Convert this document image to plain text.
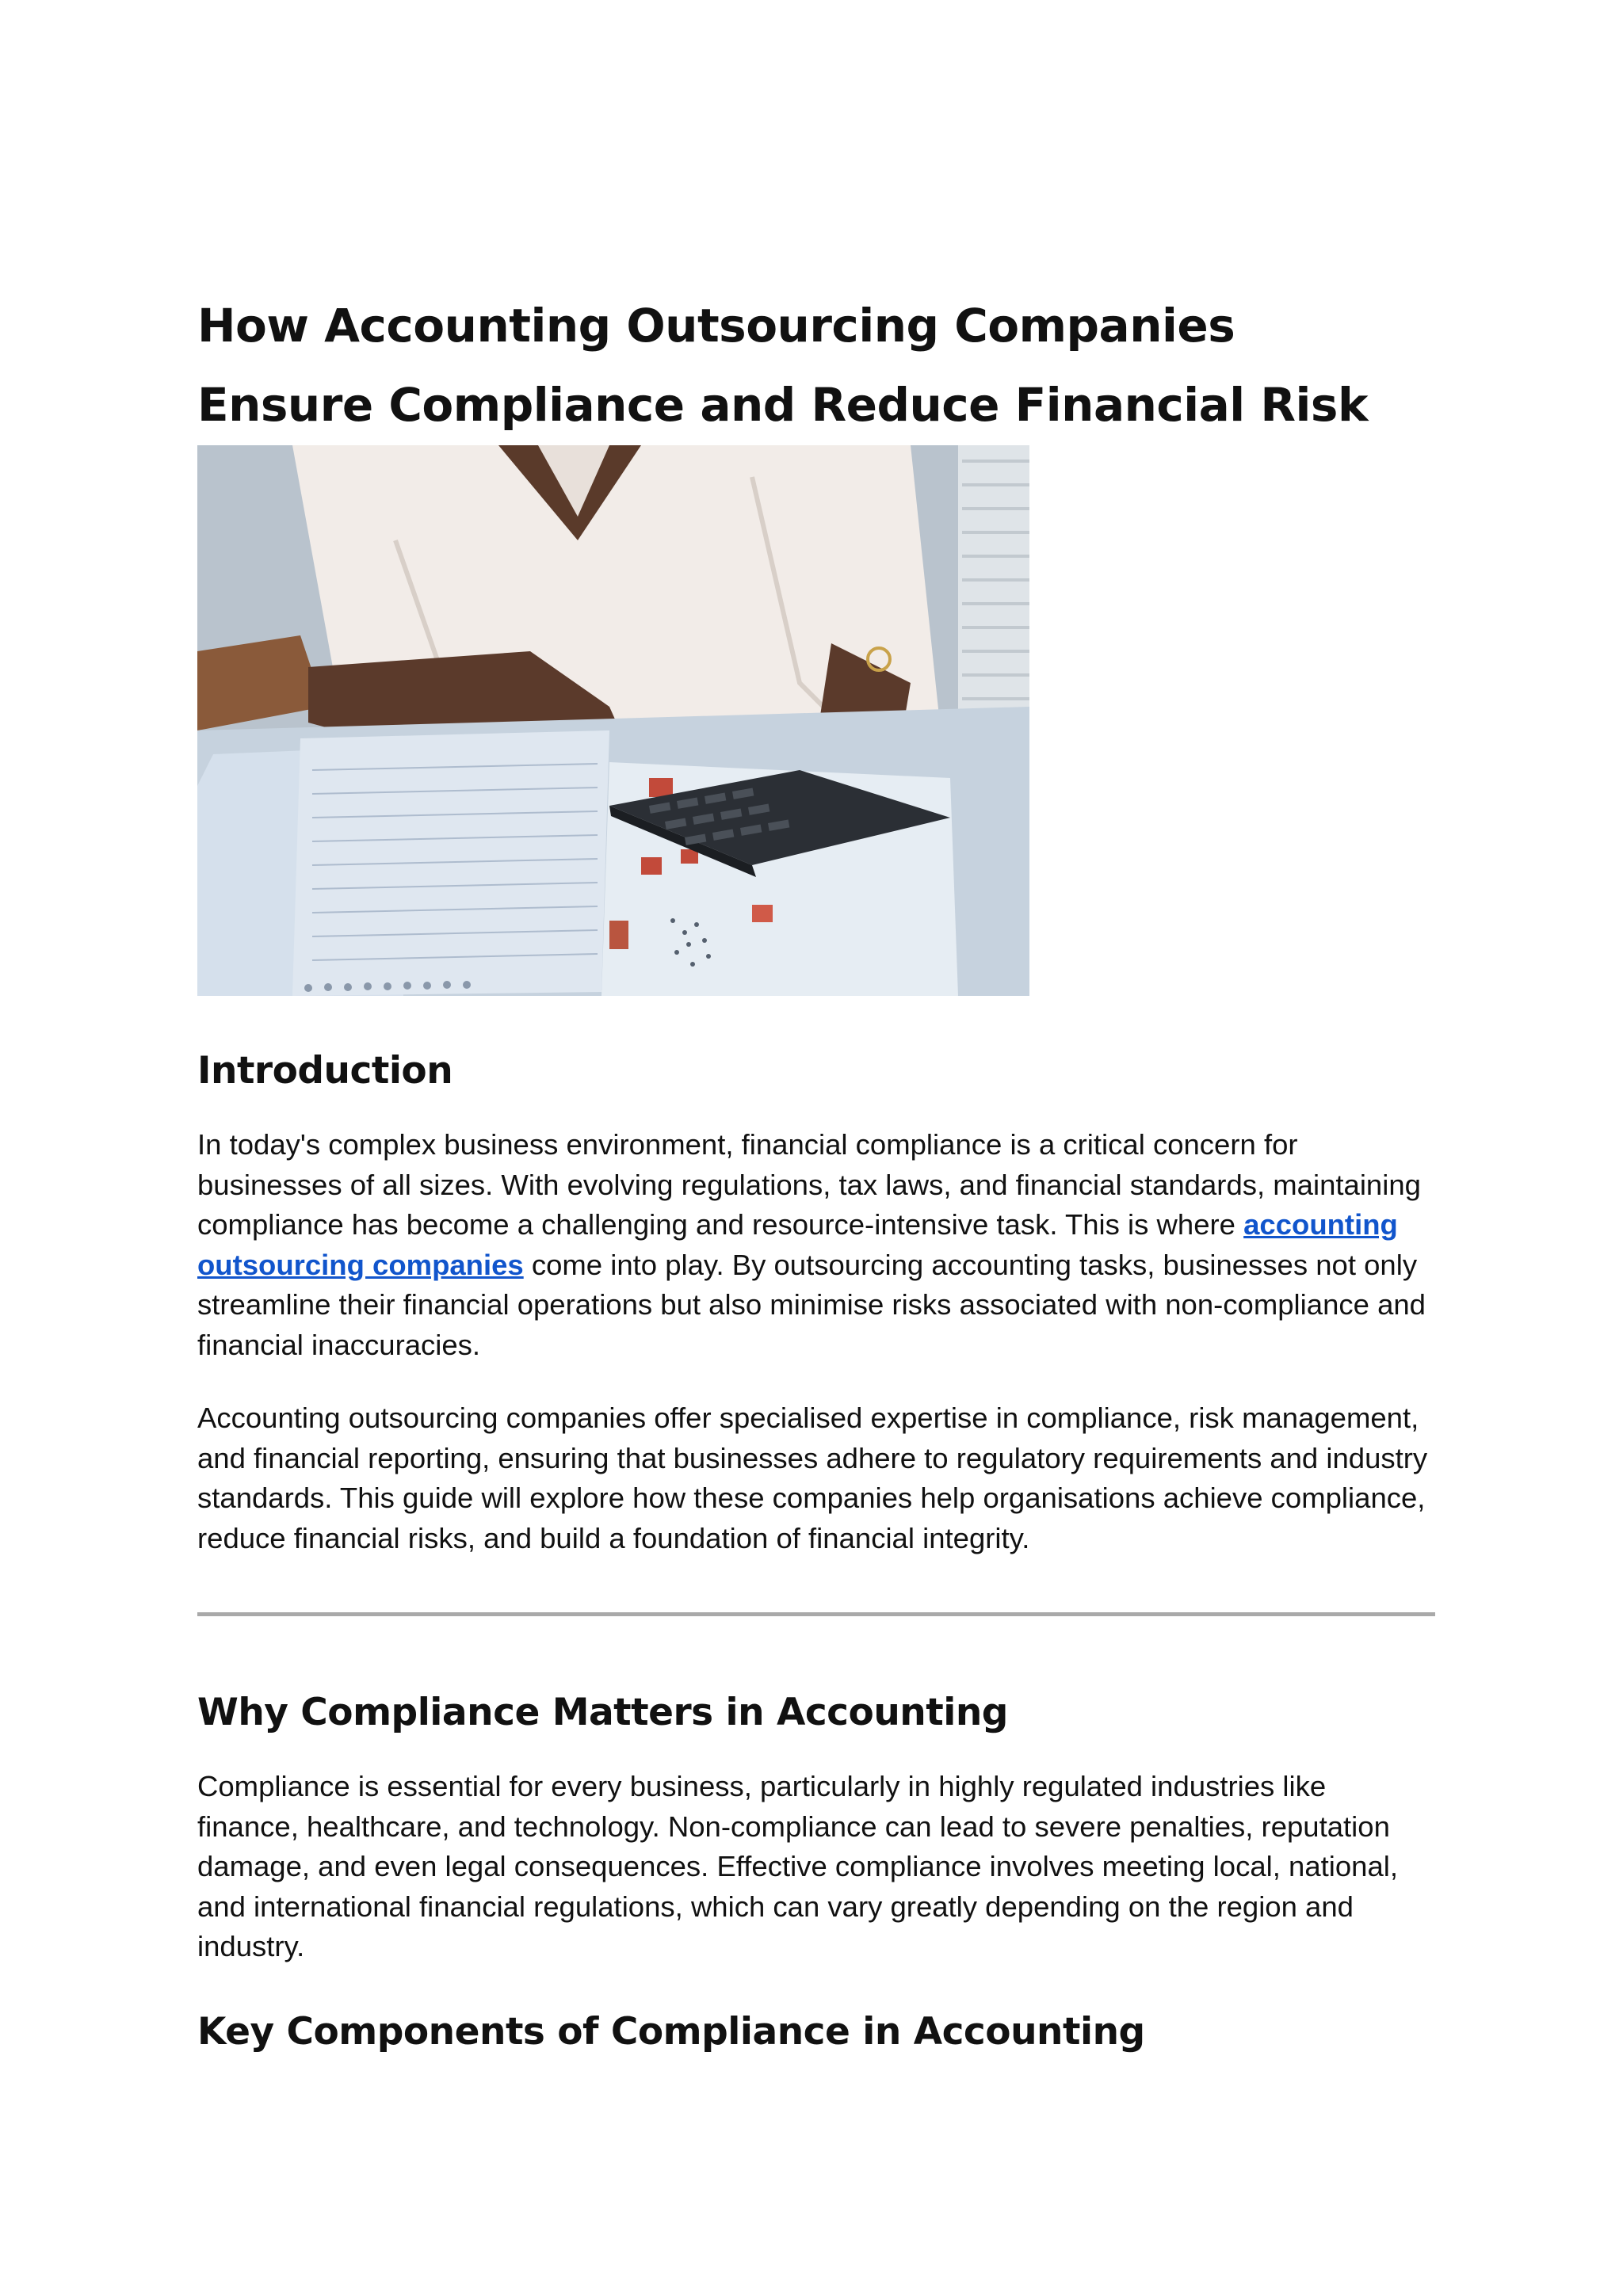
How Accounting Outsourcing Companies
Ensure Compliance and Reduce Financial Risk
Introduction

In today's complex business environment, financial compliance is a critical concern for businesses of all sizes. With evolving regulations, tax laws, and financial standards, maintaining compliance has become a challenging and resource-intensive task. This is where accounting outsourcing companies come into play. By outsourcing accounting tasks, businesses not only streamline their financial operations but also minimise risks associated with non-compliance and financial inaccuracies.

Accounting outsourcing companies offer specialised expertise in compliance, risk management, and financial reporting, ensuring that businesses adhere to regulatory requirements and industry standards. This guide will explore how these companies help organisations achieve compliance, reduce financial risks, and build a foundation of financial integrity.

Why Compliance Matters in Accounting

Compliance is essential for every business, particularly in highly regulated industries like finance, healthcare, and technology. Non-compliance can lead to severe penalties, reputation damage, and even legal consequences. Effective compliance involves meeting local, national, and international financial regulations, which can vary greatly depending on the region and industry.

Key Components of Compliance in Accounting
